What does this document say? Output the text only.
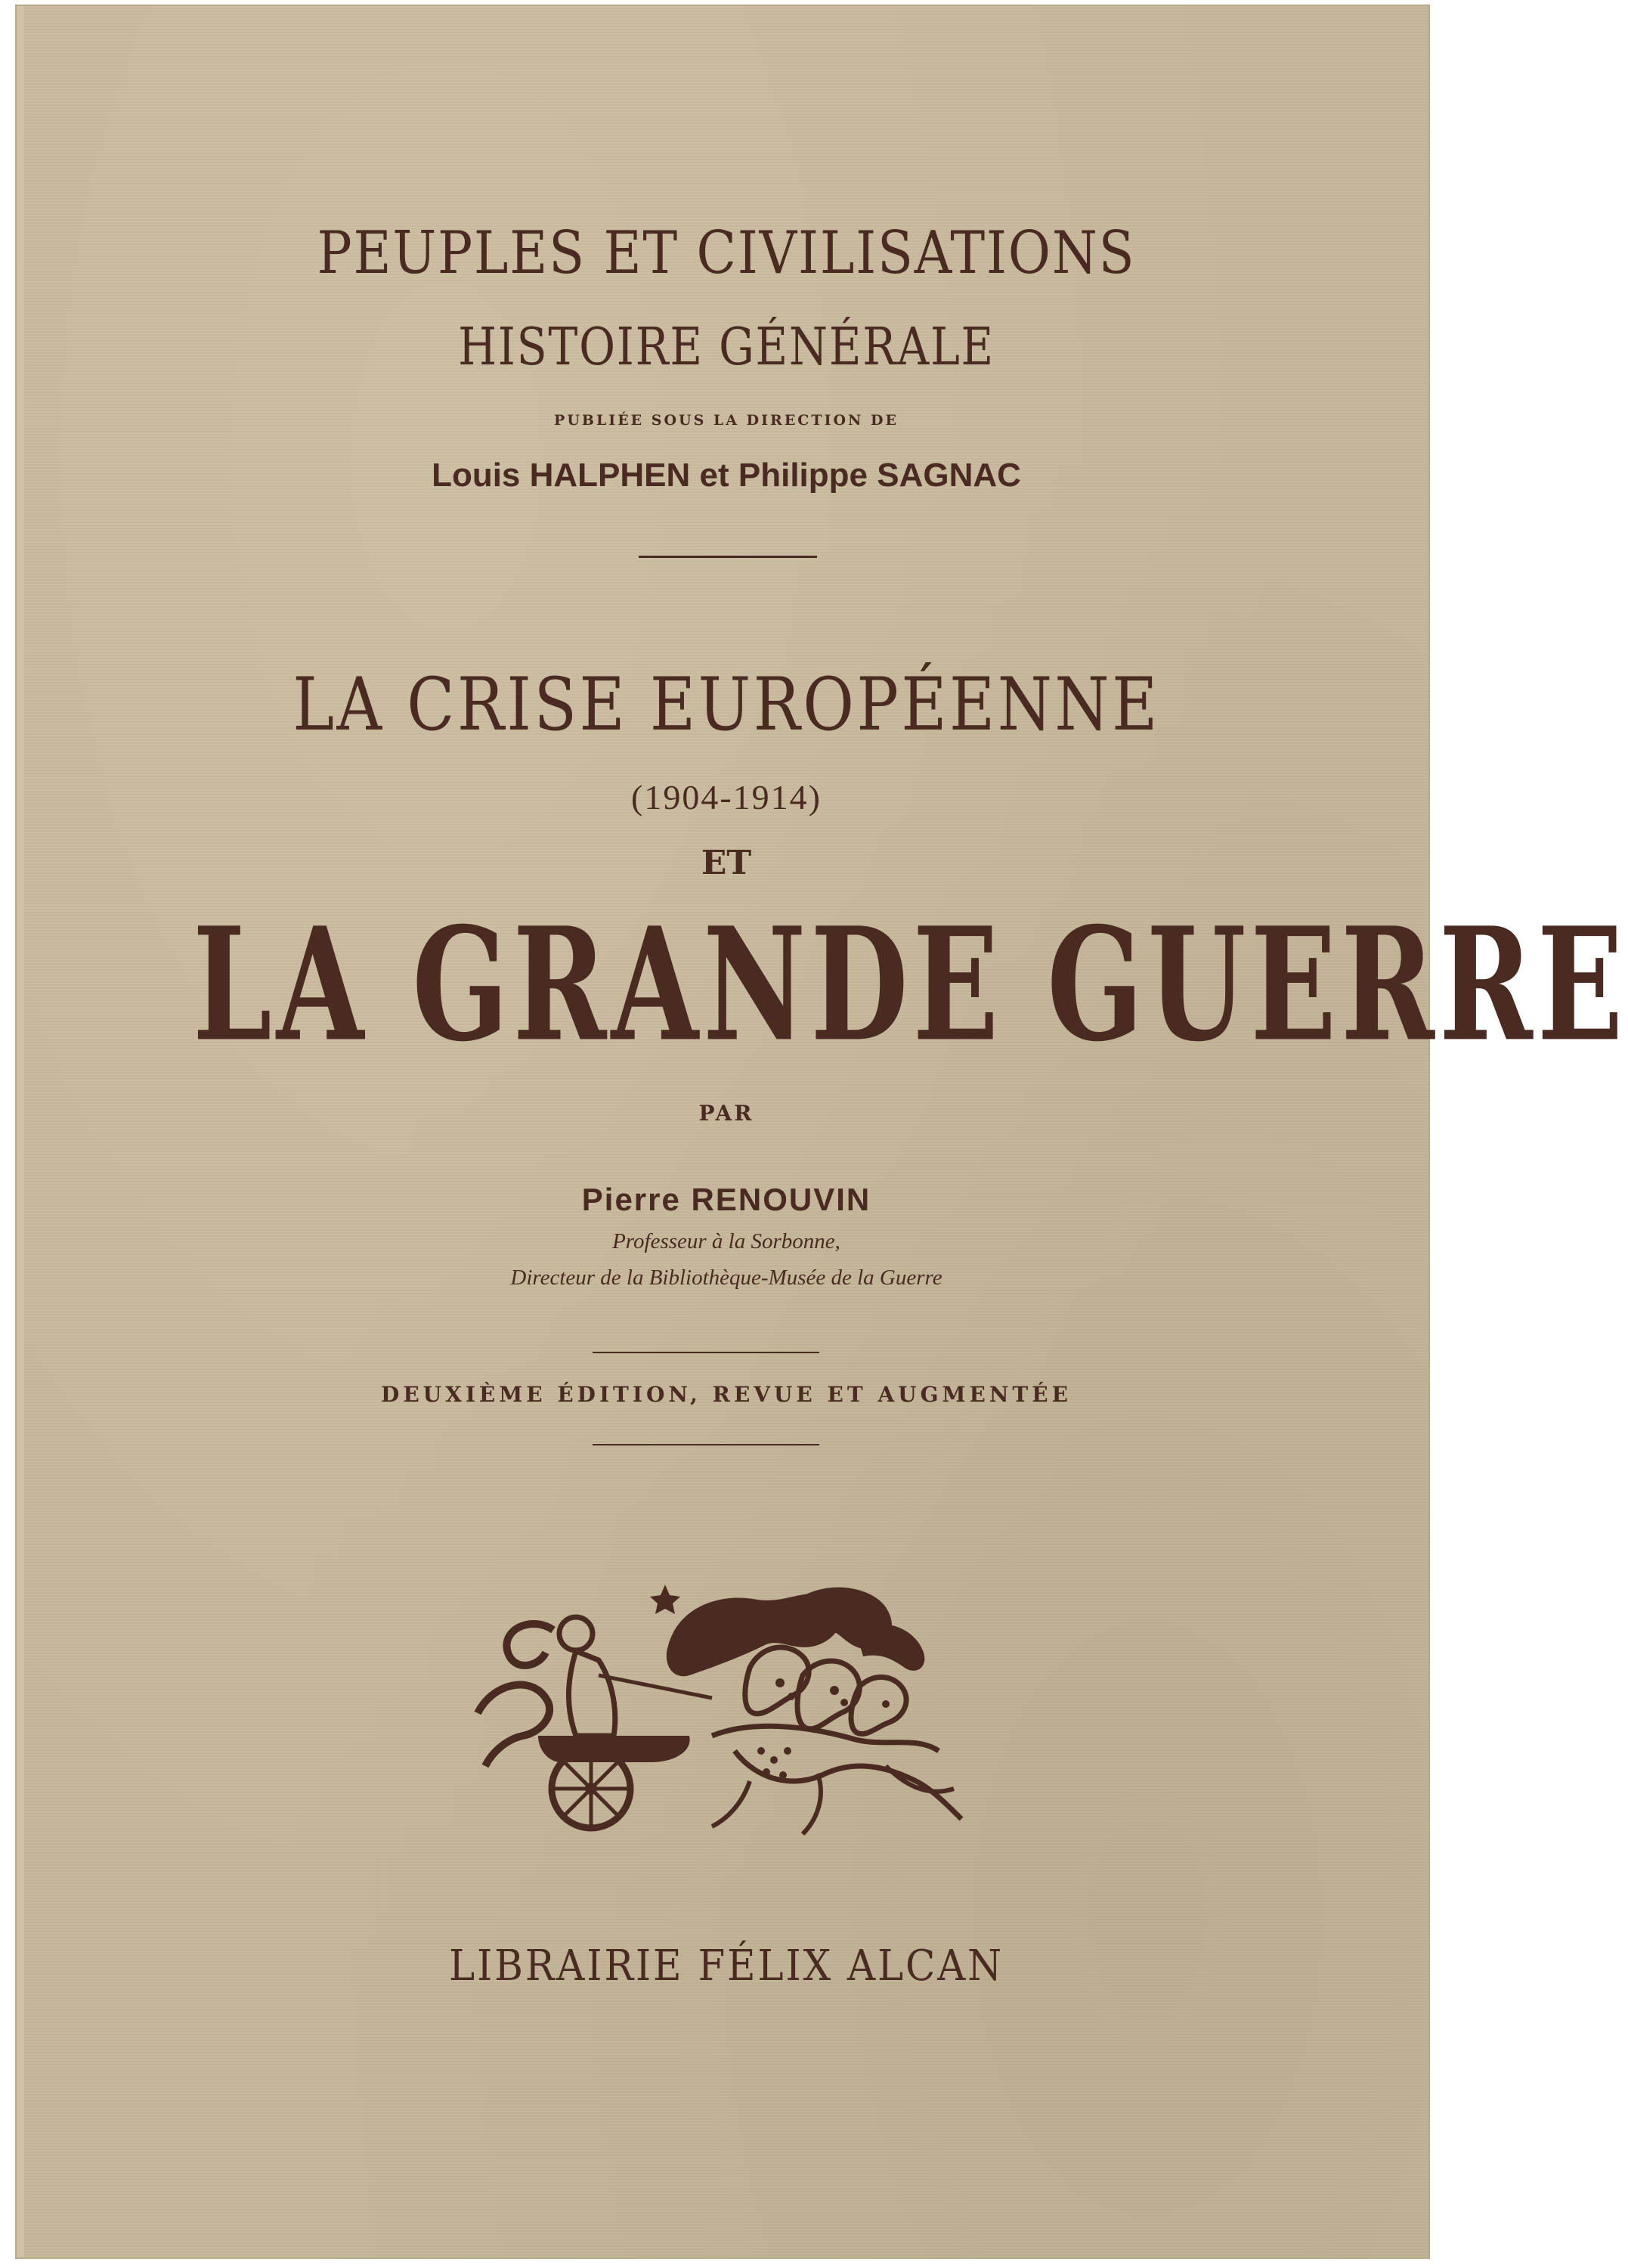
PEUPLES ET CIVILISATIONS

HISTOIRE GÉNÉRALE

PUBLIÉE SOUS LA DIRECTION DE

Louis HALPHEN et Philippe SAGNAC

LA CRISE EUROPÉENNE

(1904-1914)

ET

LA GRANDE GUERRE

PAR

Pierre RENOUVIN

Professeur à la Sorbonne,

Directeur de la Bibliothèque-Musée de la Guerre

DEUXIÈME ÉDITION, REVUE ET AUGMENTÉE

LIBRAIRIE FÉLIX ALCAN
